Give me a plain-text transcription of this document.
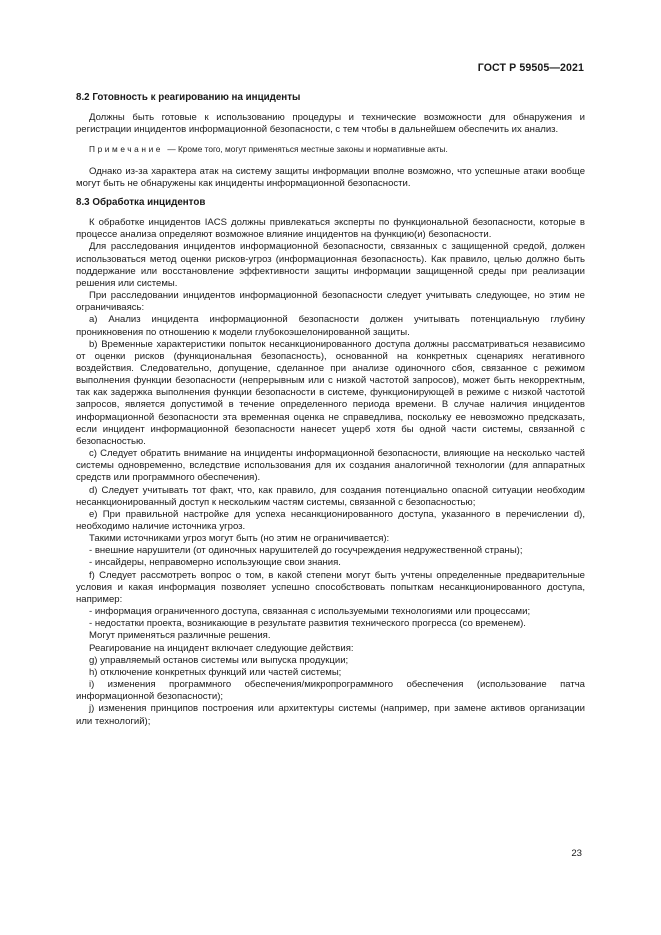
ГОСТ Р 59505—2021
8.2 Готовность к реагированию на инциденты

Должны быть готовые к использованию процедуры и технические возможности для обнаружения и регистрации инцидентов информационной безопасности, с тем чтобы в дальнейшем обеспечить их анализ.

Примечание — Кроме того, могут применяться местные законы и нормативные акты.

Однако из-за характера атак на систему защиты информации вполне возможно, что успешные атаки вообще могут быть не обнаружены как инциденты информационной безопасности.

8.3 Обработка инцидентов

К обработке инцидентов IACS должны привлекаться эксперты по функциональной безопасности, которые в процессе анализа определяют возможное влияние инцидентов на функцию(и) безопасности.

Для расследования инцидентов информационной безопасности, связанных с защищенной средой, должен использоваться метод оценки рисков-угроз (информационная безопасность). Как правило, целью должно быть поддержание или восстановление эффективности защиты информации защищенной среды при реализации решения или системы.

При расследовании инцидентов информационной безопасности следует учитывать следующее, но этим не ограничиваясь:

a) Анализ инцидента информационной безопасности должен учитывать потенциальную глубину проникновения по отношению к модели глубокоэшелонированной защиты.

b) Временные характеристики попыток несанкционированного доступа должны рассматриваться независимо от оценки рисков (функциональная безопасность), основанной на конкретных сценариях негативного воздействия. Следовательно, допущение, сделанное при анализе одиночного сбоя, связанное с режимом выполнения функции безопасности (непрерывным или с низкой частотой запросов), может быть некорректным, так как задержка выполнения функции безопасности в системе, функционирующей в режиме с низкой частотой запросов, является допустимой в течение определенного периода времени. В случае наличия инцидентов информационной безопасности эта временная оценка не справедлива, поскольку ее невозможно предсказать, если инцидент информационной безопасности нанесет ущерб хотя бы одной части системы, связанной с безопасностью.

c) Следует обратить внимание на инциденты информационной безопасности, влияющие на несколько частей системы одновременно, вследствие использования для их создания аналогичной технологии (для аппаратных средств или программного обеспечения).

d) Следует учитывать тот факт, что, как правило, для создания потенциально опасной ситуации необходим несанкционированный доступ к нескольким частям системы, связанной с безопасностью;

e) При правильной настройке для успеха несанкционированного доступа, указанного в перечислении d), необходимо наличие источника угроз.

Такими источниками угроз могут быть (но этим не ограничивается):

- внешние нарушители (от одиночных нарушителей до госучреждения недружественной страны);

- инсайдеры, неправомерно использующие свои знания.

f) Следует рассмотреть вопрос о том, в какой степени могут быть учтены определенные предварительные условия и какая информация позволяет успешно способствовать попыткам несанкционированного доступа, например:

- информация ограниченного доступа, связанная с используемыми технологиями или процессами;

- недостатки проекта, возникающие в результате развития технического прогресса (со временем).

Могут применяться различные решения.

Реагирование на инцидент включает следующие действия:

g) управляемый останов системы или выпуска продукции;

h) отключение конкретных функций или частей системы;

i) изменения программного обеспечения/микропрограммного обеспечения (использование патча информационной безопасности);

j) изменения принципов построения или архитектуры системы (например, при замене активов организации или технологий);

23
